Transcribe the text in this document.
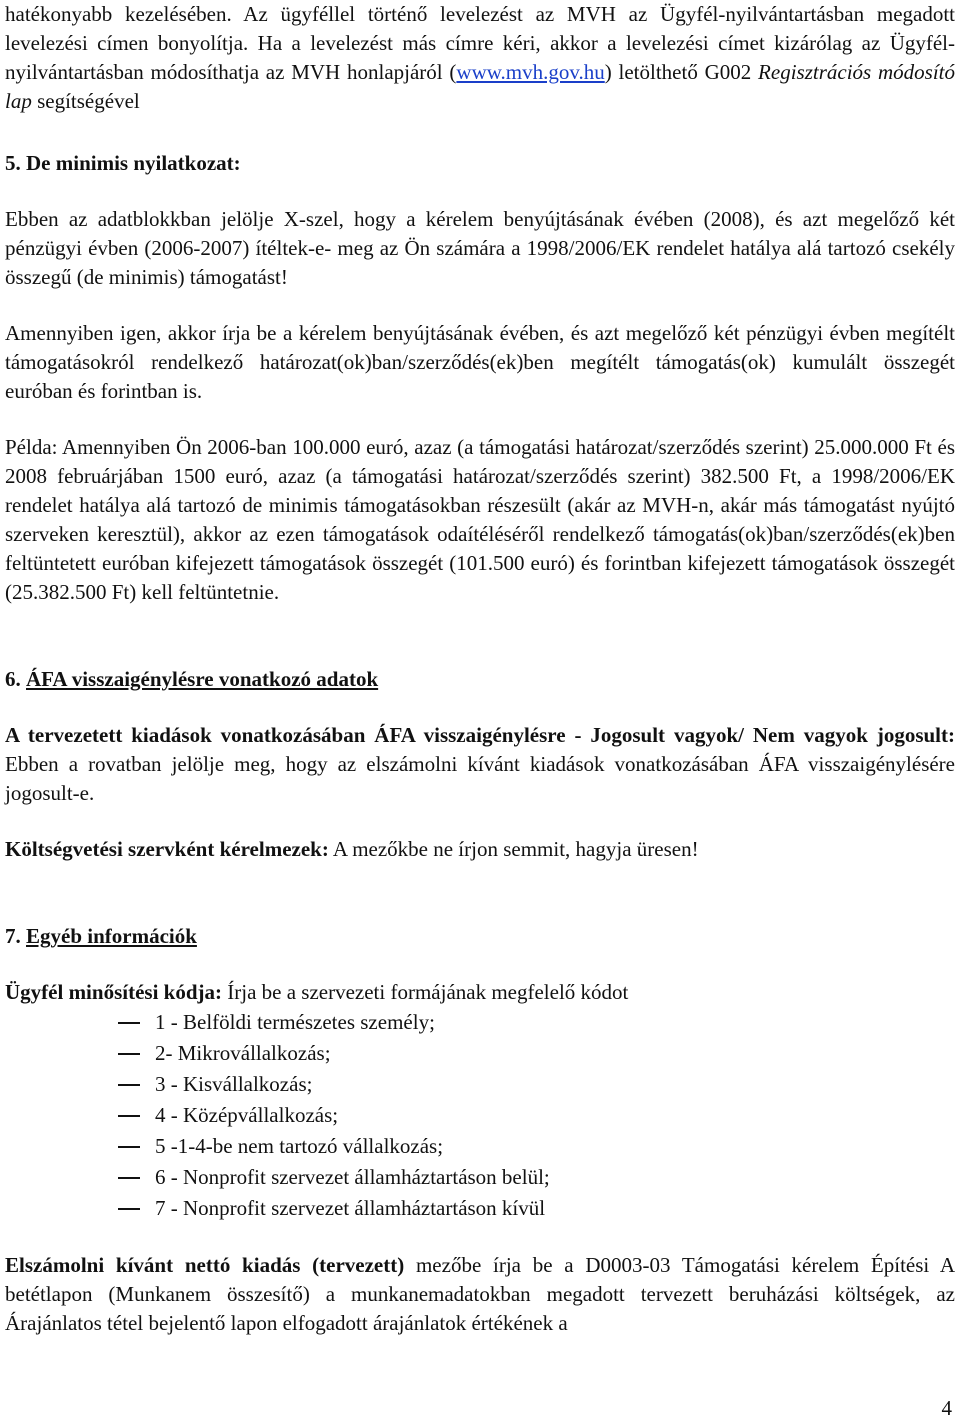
hatékonyabb kezelésében. Az ügyféllel történő levelezést az MVH az Ügyfél-nyilvántartásban megadott levelezési címen bonyolítja. Ha a levelezést más címre kéri, akkor a levelezési címet kizárólag az Ügyfél-nyilvántartásban módosíthatja az MVH honlapjáról (www.mvh.gov.hu) letölthető G002 Regisztrációs módosító lap segítségével

5. De minimis nyilatkozat:

Ebben az adatblokkban jelölje X-szel, hogy a kérelem benyújtásának évében (2008), és azt megelőző két pénzügyi évben (2006-2007) ítéltek-e- meg az Ön számára a 1998/2006/EK rendelet hatálya alá tartozó csekély összegű (de minimis) támogatást!

Amennyiben igen, akkor írja be a kérelem benyújtásának évében, és azt megelőző két pénzügyi évben megítélt támogatásokról rendelkező határozat(ok)ban/szerződés(ek)ben megítélt támogatás(ok) kumulált összegét euróban és forintban is.

Példa: Amennyiben Ön 2006-ban 100.000 euró, azaz (a támogatási határozat/szerződés szerint) 25.000.000 Ft és 2008 februárjában 1500 euró, azaz (a támogatási határozat/szerződés szerint) 382.500 Ft, a 1998/2006/EK rendelet hatálya alá tartozó de minimis támogatásokban részesült (akár az MVH-n, akár más támogatást nyújtó szerveken keresztül), akkor az ezen támogatások odaítéléséről rendelkező támogatás(ok)ban/szerződés(ek)ben feltüntetett euróban kifejezett támogatások összegét (101.500 euró) és forintban kifejezett támogatások összegét (25.382.500 Ft) kell feltüntetnie.

6. ÁFA visszaigénylésre vonatkozó adatok

A tervezetett kiadások vonatkozásában ÁFA visszaigénylésre - Jogosult vagyok/ Nem vagyok jogosult: Ebben a rovatban jelölje meg, hogy az elszámolni kívánt kiadások vonatkozásában ÁFA visszaigénylésére jogosult-e.

Költségvetési szervként kérelmezek: A mezőkbe ne írjon semmit, hagyja üresen!

7. Egyéb információk

Ügyfél minősítési kódja: Írja be a szervezeti formájának megfelelő kódot

1 - Belföldi természetes személy;
2- Mikrovállalkozás;
3 - Kisvállalkozás;
4 - Középvállalkozás;
5 -1-4-be nem tartozó vállalkozás;
6 - Nonprofit szervezet államháztartáson belül;
7 - Nonprofit szervezet államháztartáson kívül

Elszámolni kívánt nettó kiadás (tervezett) mezőbe írja be a D0003-03 Támogatási kérelem Építési A betétlapon (Munkanem összesítő) a munkanemadatokban megadott tervezett beruházási költségek, az Árajánlatos tétel bejelentő lapon elfogadott árajánlatok értékének a

4
